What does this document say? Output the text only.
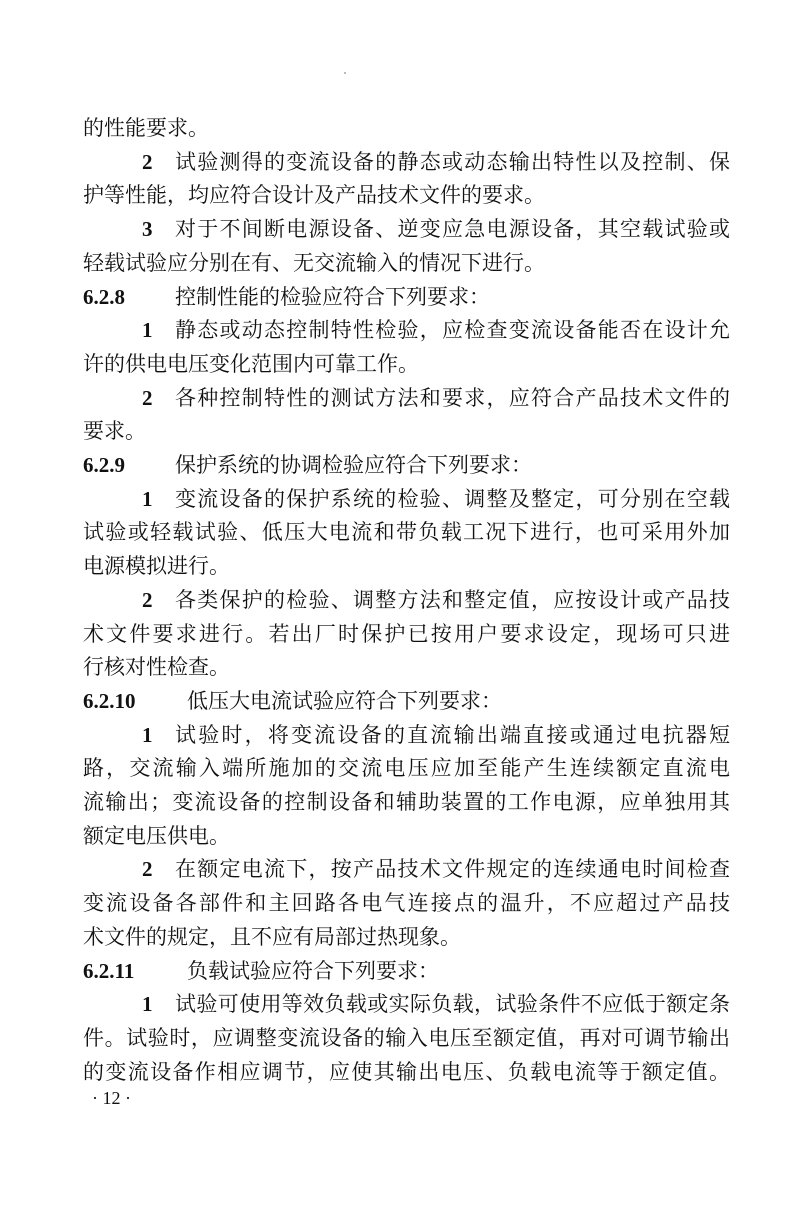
的性能要求。
2 试验测得的变流设备的静态或动态输出特性以及控制、保
护等性能，均应符合设计及产品技术文件的要求。
3 对于不间断电源设备、逆变应急电源设备，其空载试验或
轻载试验应分别在有、无交流输入的情况下进行。
6.2.8 控制性能的检验应符合下列要求：
1 静态或动态控制特性检验，应检查变流设备能否在设计允
许的供电电压变化范围内可靠工作。
2 各种控制特性的测试方法和要求，应符合产品技术文件的
要求。
6.2.9 保护系统的协调检验应符合下列要求：
1 变流设备的保护系统的检验、调整及整定，可分别在空载
试验或轻载试验、低压大电流和带负载工况下进行，也可采用外加
电源模拟进行。
2 各类保护的检验、调整方法和整定值，应按设计或产品技
术文件要求进行。若出厂时保护已按用户要求设定，现场可只进
行核对性检查。
6.2.10 低压大电流试验应符合下列要求：
1 试验时，将变流设备的直流输出端直接或通过电抗器短
路，交流输入端所施加的交流电压应加至能产生连续额定直流电
流输出；变流设备的控制设备和辅助装置的工作电源，应单独用其
额定电压供电。
2 在额定电流下，按产品技术文件规定的连续通电时间检查
变流设备各部件和主回路各电气连接点的温升，不应超过产品技
术文件的规定，且不应有局部过热现象。
6.2.11	负载试验应符合下列要求：
1 试验可使用等效负载或实际负载，试验条件不应低于额定条
件。试验时，应调整变流设备的输入电压至额定值，再对可调节输出
的变流设备作相应调节，应使其输出电压、负载电流等于额定值。
· 12 ·
